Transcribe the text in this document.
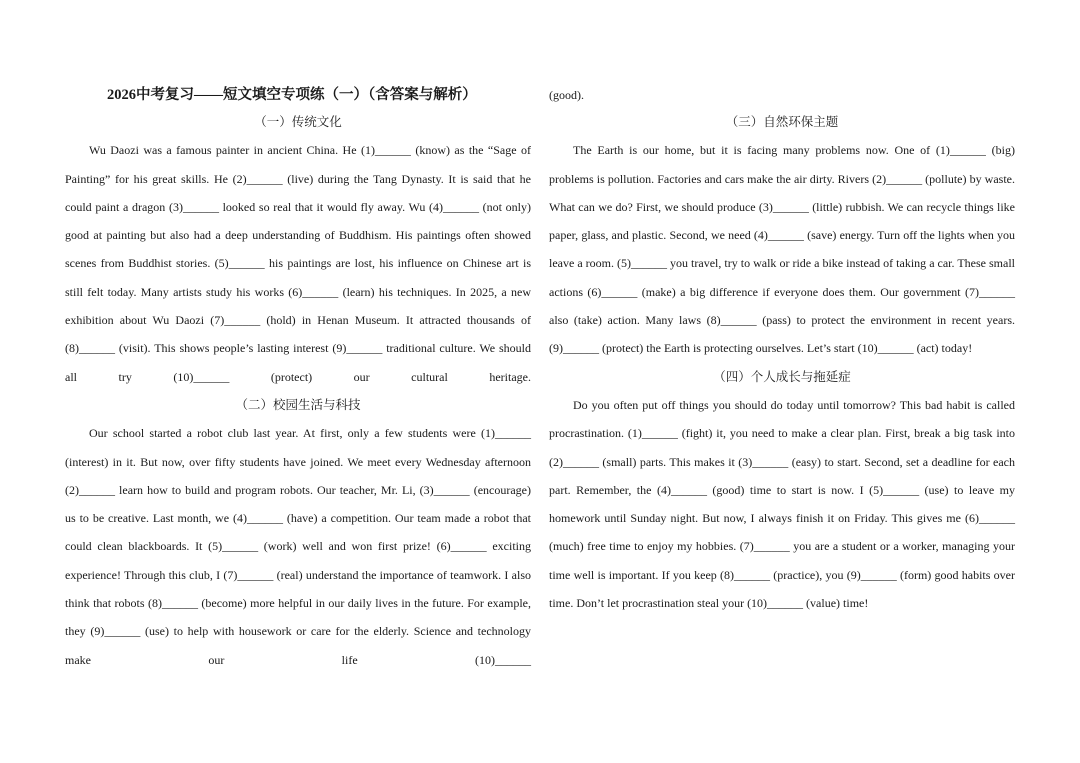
2026中考复习——短文填空专项练（一）（含答案与解析）
（一）传统文化

Wu Daozi was a famous painter in ancient China. He (1)______ (know) as the “Sage of Painting” for his great skills. He (2)______ (live) during the Tang Dynasty. It is said that he could paint a dragon (3)______ looked so real that it would fly away. Wu (4)______ (not only) good at painting but also had a deep understanding of Buddhism. His paintings often showed scenes from Buddhist stories. (5)______ his paintings are lost, his influence on Chinese art is still felt today. Many artists study his works (6)______ (learn) his techniques. In 2025, a new exhibition about Wu Daozi (7)______ (hold) in Henan Museum. It attracted thousands of (8)______ (visit). This shows people’s lasting interest (9)______ traditional culture. We should all try (10)______ (protect) our cultural heritage.

（二）校园生活与科技

Our school started a robot club last year. At first, only a few students were (1)______ (interest) in it. But now, over fifty students have joined. We meet every Wednesday afternoon (2)______ learn how to build and program robots. Our teacher, Mr. Li, (3)______ (encourage) us to be creative. Last month, we (4)______ (have) a competition. Our team made a robot that could clean blackboards. It (5)______ (work) well and won first prize! (6)______ exciting experience! Through this club, I (7)______ (real) understand the importance of teamwork. I also think that robots (8)______ (become) more helpful in our daily lives in the future. For example, they (9)______ (use) to help with housework or care for the elderly. Science and technology make our life (10)______

(good).
（三）自然环保主题

The Earth is our home, but it is facing many problems now. One of (1)______ (big) problems is pollution. Factories and cars make the air dirty. Rivers (2)______ (pollute) by waste. What can we do? First, we should produce (3)______ (little) rubbish. We can recycle things like paper, glass, and plastic. Second, we need (4)______ (save) energy. Turn off the lights when you leave a room. (5)______ you travel, try to walk or ride a bike instead of taking a car. These small actions (6)______ (make) a big difference if everyone does them. Our government (7)______ also (take) action. Many laws (8)______ (pass) to protect the environment in recent years. (9)______ (protect) the Earth is protecting ourselves. Let’s start (10)______ (act) today!

（四）个人成长与拖延症

Do you often put off things you should do today until tomorrow? This bad habit is called procrastination. (1)______ (fight) it, you need to make a clear plan. First, break a big task into (2)______ (small) parts. This makes it (3)______ (easy) to start. Second, set a deadline for each part. Remember, the (4)______ (good) time to start is now. I (5)______ (use) to leave my homework until Sunday night. But now, I always finish it on Friday. This gives me (6)______ (much) free time to enjoy my hobbies. (7)______ you are a student or a worker, managing your time well is important. If you keep (8)______ (practice), you (9)______ (form) good habits over time. Don’t let procrastination steal your (10)______ (value) time!
